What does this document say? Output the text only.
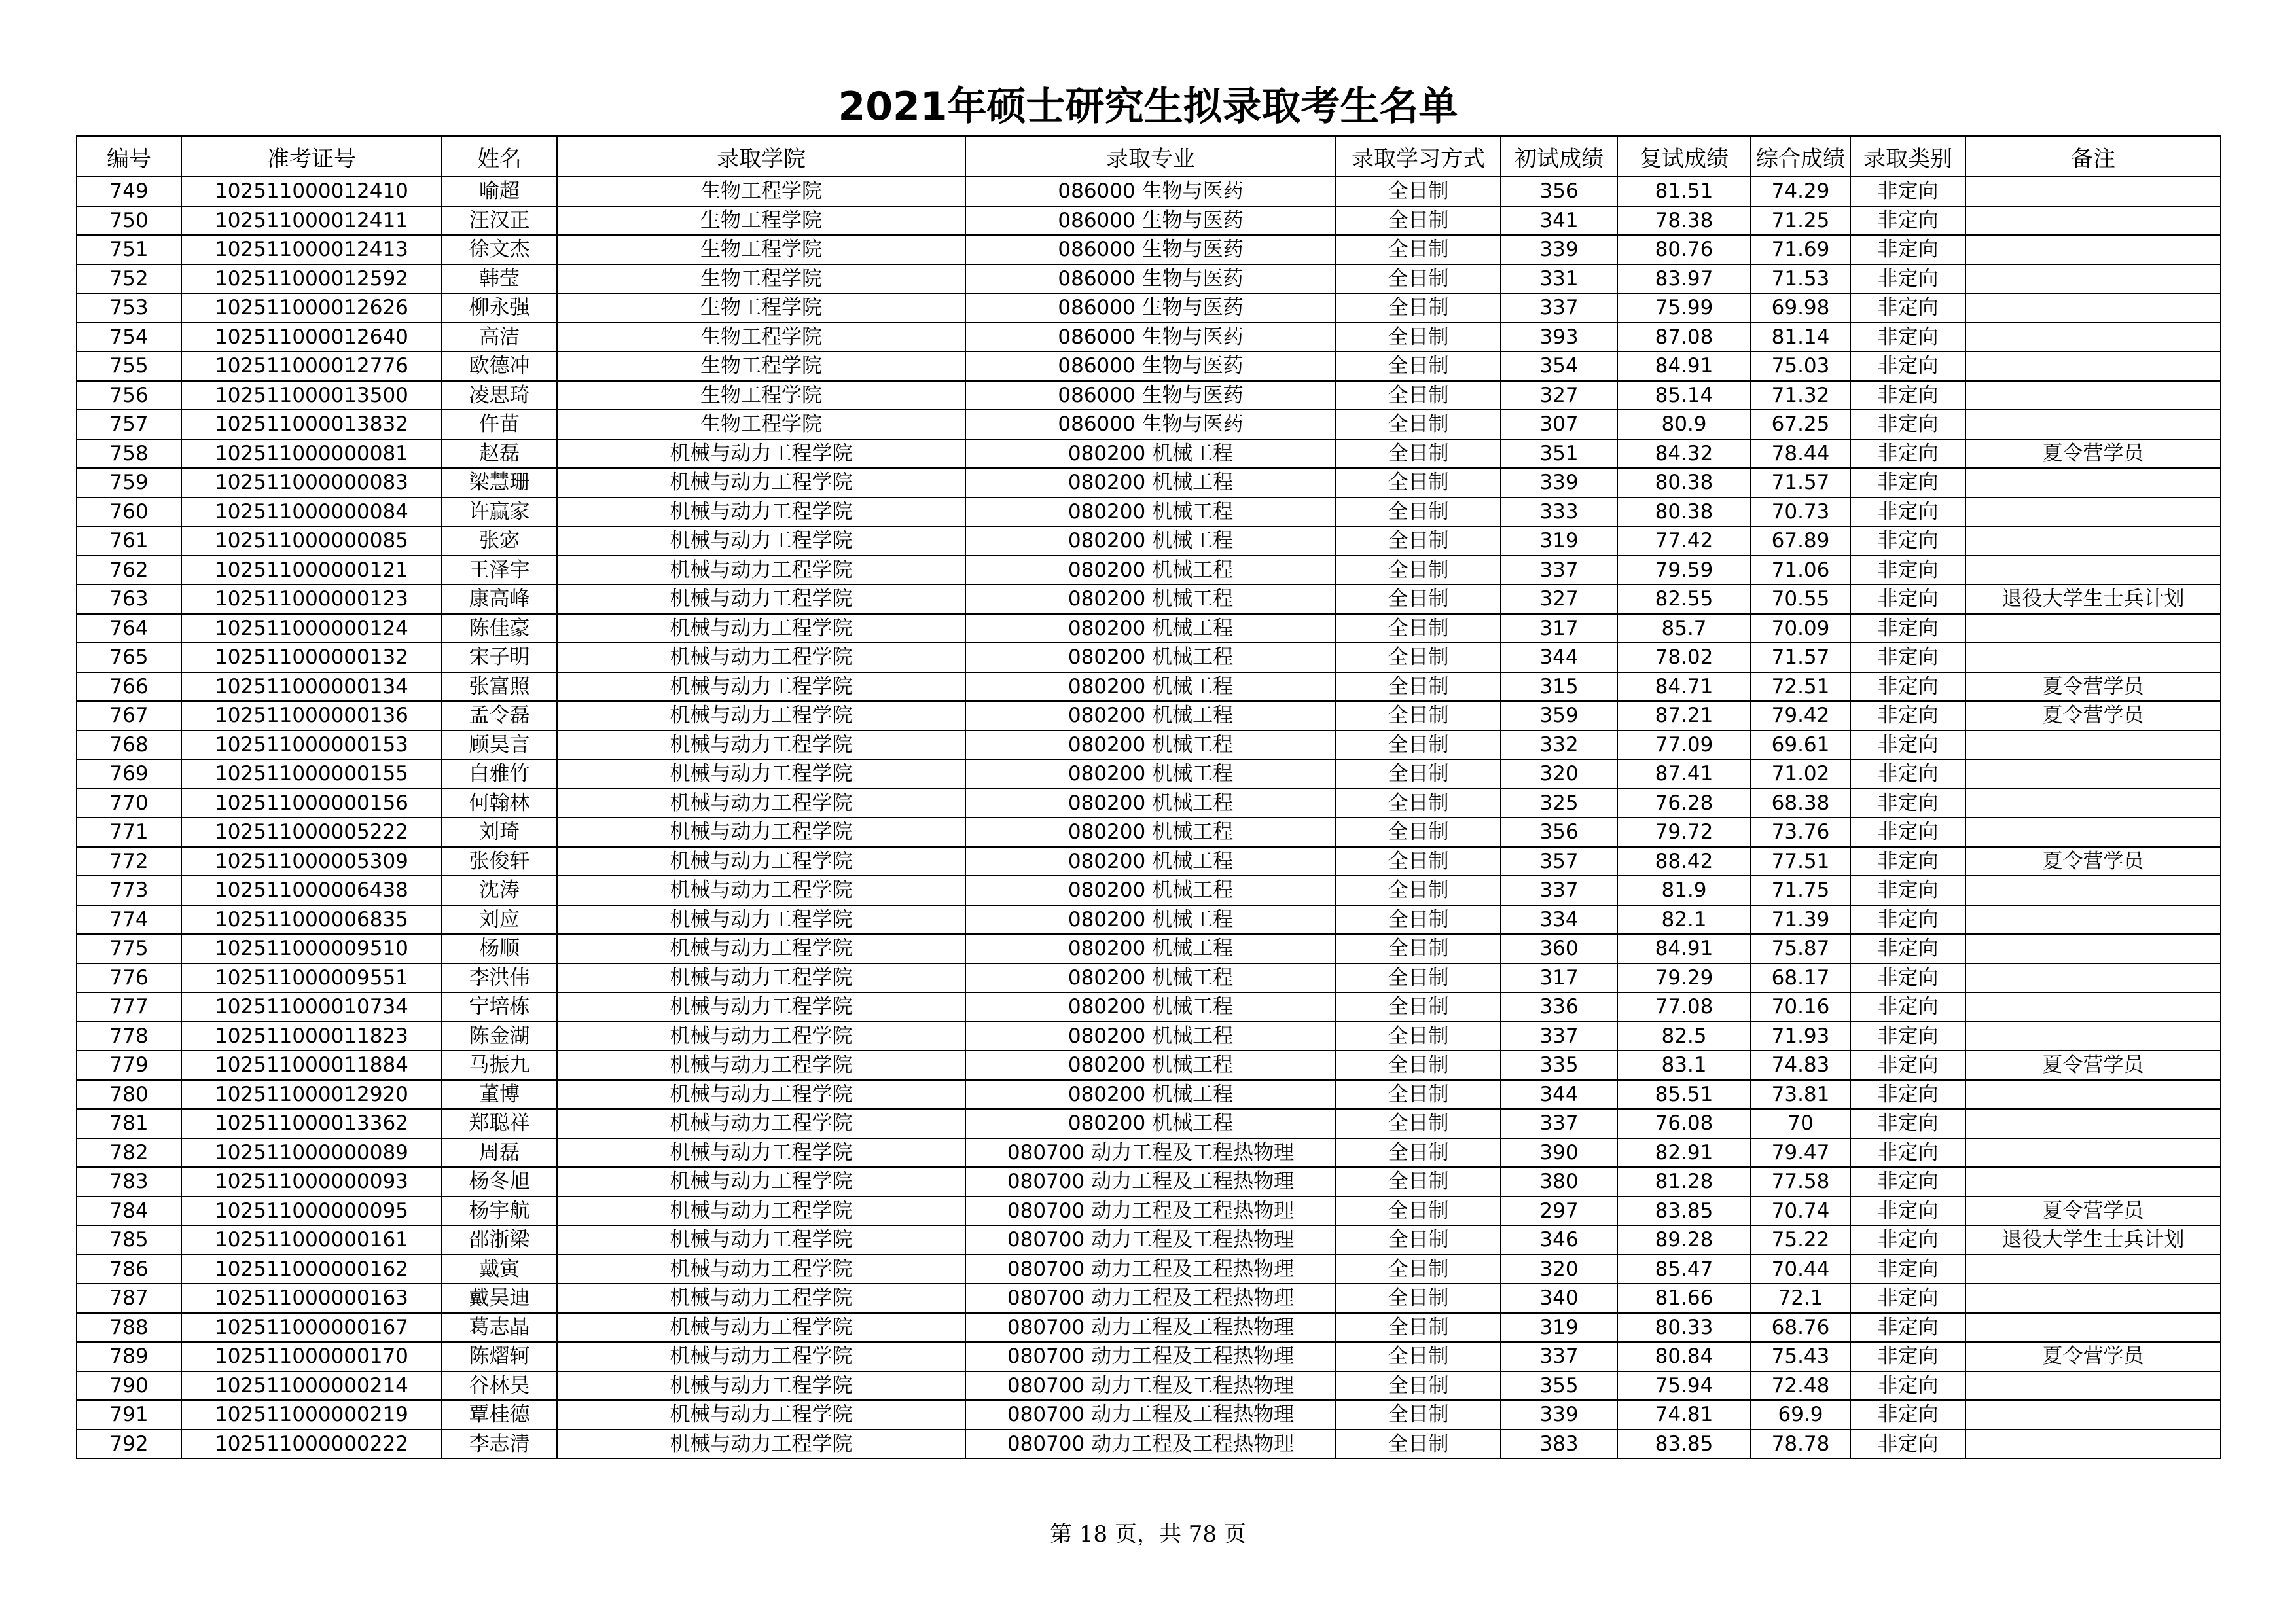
2021年硕士研究生拟录取考生名单
编号	准考证号	姓名	录取学院	录取专业	录取学习方式	初试成绩	复试成绩	综合成绩	录取类别	备注
749	102511000012410	喻超	生物工程学院	086000 生物与医药	全日制	356	81.51	74.29	非定向	
750	102511000012411	汪汉正	生物工程学院	086000 生物与医药	全日制	341	78.38	71.25	非定向	
751	102511000012413	徐文杰	生物工程学院	086000 生物与医药	全日制	339	80.76	71.69	非定向	
752	102511000012592	韩莹	生物工程学院	086000 生物与医药	全日制	331	83.97	71.53	非定向	
753	102511000012626	柳永强	生物工程学院	086000 生物与医药	全日制	337	75.99	69.98	非定向	
754	102511000012640	高洁	生物工程学院	086000 生物与医药	全日制	393	87.08	81.14	非定向	
755	102511000012776	欧德冲	生物工程学院	086000 生物与医药	全日制	354	84.91	75.03	非定向	
756	102511000013500	凌思琦	生物工程学院	086000 生物与医药	全日制	327	85.14	71.32	非定向	
757	102511000013832	仵苗	生物工程学院	086000 生物与医药	全日制	307	80.9	67.25	非定向	
758	102511000000081	赵磊	机械与动力工程学院	080200 机械工程	全日制	351	84.32	78.44	非定向	夏令营学员
759	102511000000083	梁慧珊	机械与动力工程学院	080200 机械工程	全日制	339	80.38	71.57	非定向	
760	102511000000084	许赢家	机械与动力工程学院	080200 机械工程	全日制	333	80.38	70.73	非定向	
761	102511000000085	张宓	机械与动力工程学院	080200 机械工程	全日制	319	77.42	67.89	非定向	
762	102511000000121	王泽宇	机械与动力工程学院	080200 机械工程	全日制	337	79.59	71.06	非定向	
763	102511000000123	康高峰	机械与动力工程学院	080200 机械工程	全日制	327	82.55	70.55	非定向	退役大学生士兵计划
764	102511000000124	陈佳豪	机械与动力工程学院	080200 机械工程	全日制	317	85.7	70.09	非定向	
765	102511000000132	宋子明	机械与动力工程学院	080200 机械工程	全日制	344	78.02	71.57	非定向	
766	102511000000134	张富照	机械与动力工程学院	080200 机械工程	全日制	315	84.71	72.51	非定向	夏令营学员
767	102511000000136	孟令磊	机械与动力工程学院	080200 机械工程	全日制	359	87.21	79.42	非定向	夏令营学员
768	102511000000153	顾昊言	机械与动力工程学院	080200 机械工程	全日制	332	77.09	69.61	非定向	
769	102511000000155	白雅竹	机械与动力工程学院	080200 机械工程	全日制	320	87.41	71.02	非定向	
770	102511000000156	何翰林	机械与动力工程学院	080200 机械工程	全日制	325	76.28	68.38	非定向	
771	102511000005222	刘琦	机械与动力工程学院	080200 机械工程	全日制	356	79.72	73.76	非定向	
772	102511000005309	张俊轩	机械与动力工程学院	080200 机械工程	全日制	357	88.42	77.51	非定向	夏令营学员
773	102511000006438	沈涛	机械与动力工程学院	080200 机械工程	全日制	337	81.9	71.75	非定向	
774	102511000006835	刘应	机械与动力工程学院	080200 机械工程	全日制	334	82.1	71.39	非定向	
775	102511000009510	杨顺	机械与动力工程学院	080200 机械工程	全日制	360	84.91	75.87	非定向	
776	102511000009551	李洪伟	机械与动力工程学院	080200 机械工程	全日制	317	79.29	68.17	非定向	
777	102511000010734	宁培栋	机械与动力工程学院	080200 机械工程	全日制	336	77.08	70.16	非定向	
778	102511000011823	陈金湖	机械与动力工程学院	080200 机械工程	全日制	337	82.5	71.93	非定向	
779	102511000011884	马振九	机械与动力工程学院	080200 机械工程	全日制	335	83.1	74.83	非定向	夏令营学员
780	102511000012920	董博	机械与动力工程学院	080200 机械工程	全日制	344	85.51	73.81	非定向	
781	102511000013362	郑聪祥	机械与动力工程学院	080200 机械工程	全日制	337	76.08	70	非定向	
782	102511000000089	周磊	机械与动力工程学院	080700 动力工程及工程热物理	全日制	390	82.91	79.47	非定向	
783	102511000000093	杨冬旭	机械与动力工程学院	080700 动力工程及工程热物理	全日制	380	81.28	77.58	非定向	
784	102511000000095	杨宇航	机械与动力工程学院	080700 动力工程及工程热物理	全日制	297	83.85	70.74	非定向	夏令营学员
785	102511000000161	邵浙梁	机械与动力工程学院	080700 动力工程及工程热物理	全日制	346	89.28	75.22	非定向	退役大学生士兵计划
786	102511000000162	戴寅	机械与动力工程学院	080700 动力工程及工程热物理	全日制	320	85.47	70.44	非定向	
787	102511000000163	戴吴迪	机械与动力工程学院	080700 动力工程及工程热物理	全日制	340	81.66	72.1	非定向	
788	102511000000167	葛志晶	机械与动力工程学院	080700 动力工程及工程热物理	全日制	319	80.33	68.76	非定向	
789	102511000000170	陈熠轲	机械与动力工程学院	080700 动力工程及工程热物理	全日制	337	80.84	75.43	非定向	夏令营学员
790	102511000000214	谷林昊	机械与动力工程学院	080700 动力工程及工程热物理	全日制	355	75.94	72.48	非定向	
791	102511000000219	覃桂德	机械与动力工程学院	080700 动力工程及工程热物理	全日制	339	74.81	69.9	非定向	
792	102511000000222	李志清	机械与动力工程学院	080700 动力工程及工程热物理	全日制	383	83.85	78.78	非定向	

第 18 页，共 78 页
